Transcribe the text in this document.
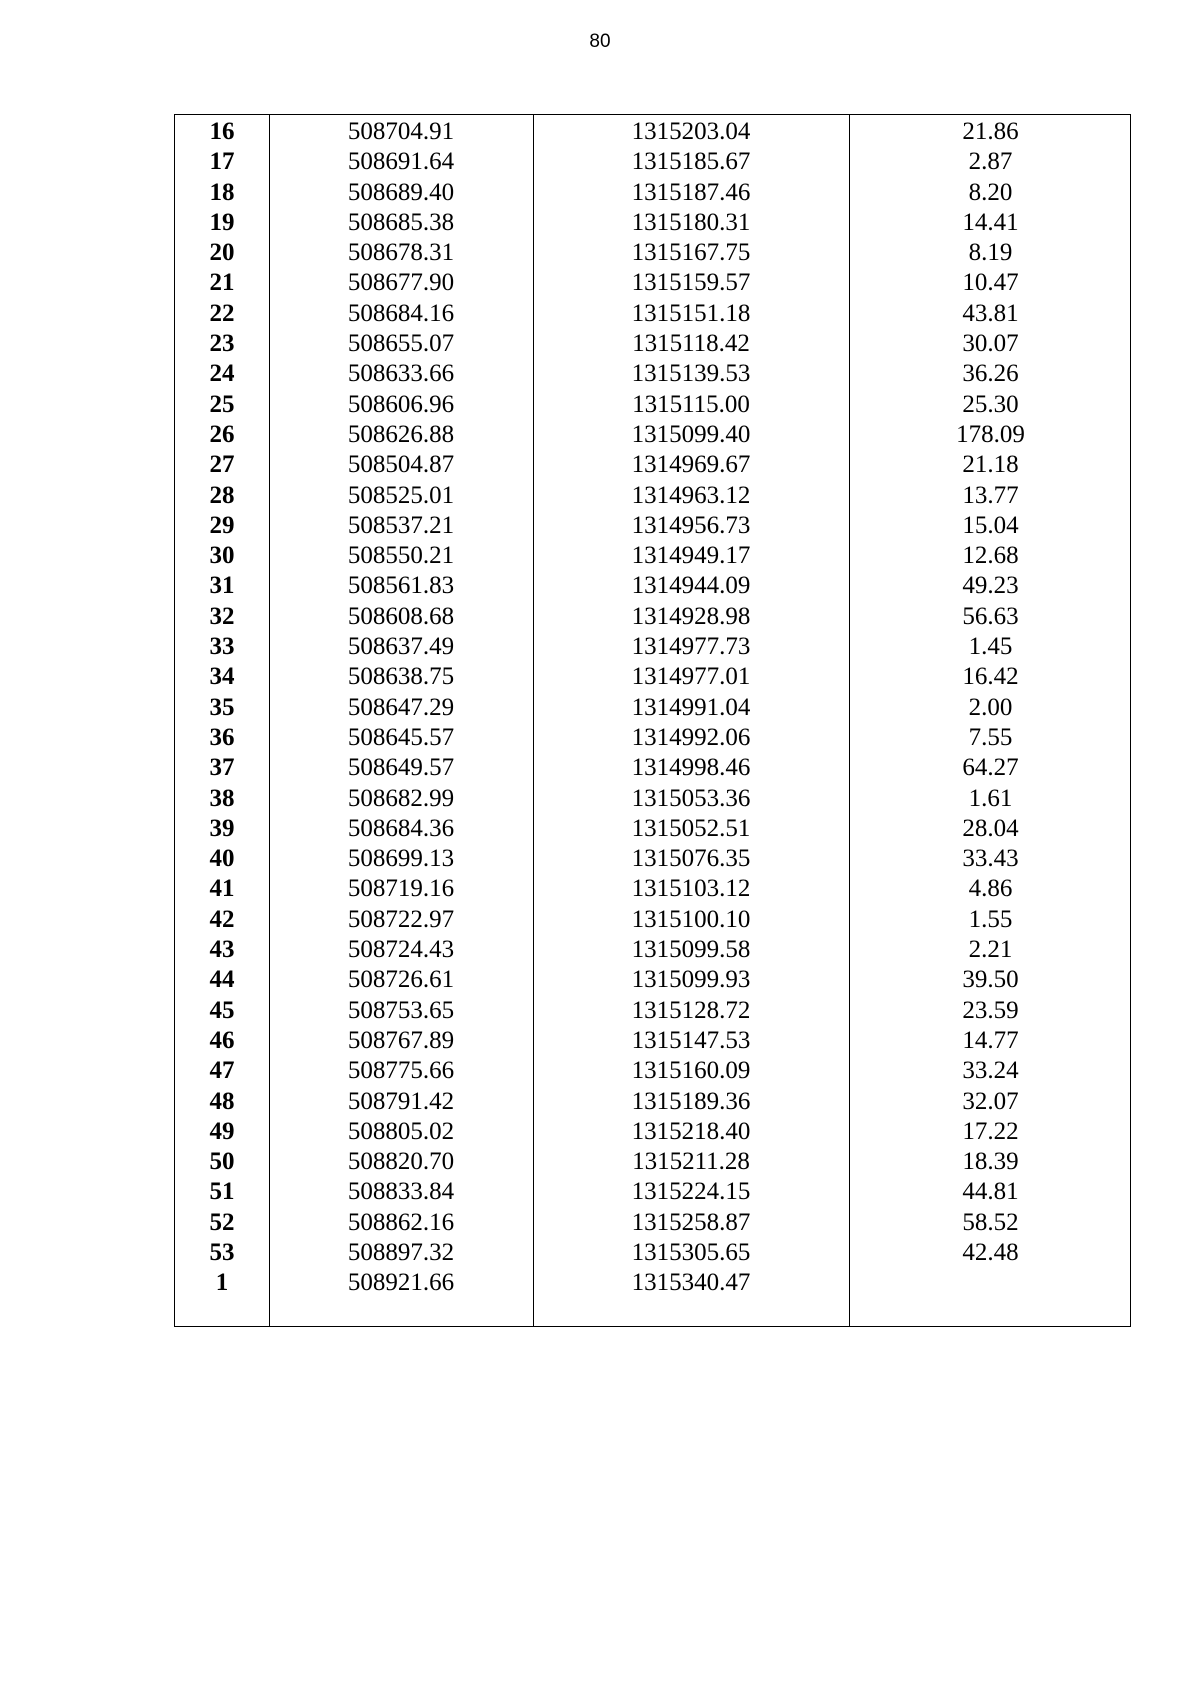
80
16	508704.91	1315203.04	21.86
17	508691.64	1315185.67	2.87
18	508689.40	1315187.46	8.20
19	508685.38	1315180.31	14.41
20	508678.31	1315167.75	8.19
21	508677.90	1315159.57	10.47
22	508684.16	1315151.18	43.81
23	508655.07	1315118.42	30.07
24	508633.66	1315139.53	36.26
25	508606.96	1315115.00	25.30
26	508626.88	1315099.40	178.09
27	508504.87	1314969.67	21.18
28	508525.01	1314963.12	13.77
29	508537.21	1314956.73	15.04
30	508550.21	1314949.17	12.68
31	508561.83	1314944.09	49.23
32	508608.68	1314928.98	56.63
33	508637.49	1314977.73	1.45
34	508638.75	1314977.01	16.42
35	508647.29	1314991.04	2.00
36	508645.57	1314992.06	7.55
37	508649.57	1314998.46	64.27
38	508682.99	1315053.36	1.61
39	508684.36	1315052.51	28.04
40	508699.13	1315076.35	33.43
41	508719.16	1315103.12	4.86
42	508722.97	1315100.10	1.55
43	508724.43	1315099.58	2.21
44	508726.61	1315099.93	39.50
45	508753.65	1315128.72	23.59
46	508767.89	1315147.53	14.77
47	508775.66	1315160.09	33.24
48	508791.42	1315189.36	32.07
49	508805.02	1315218.40	17.22
50	508820.70	1315211.28	18.39
51	508833.84	1315224.15	44.81
52	508862.16	1315258.87	58.52
53	508897.32	1315305.65	42.48
1	508921.66	1315340.47
